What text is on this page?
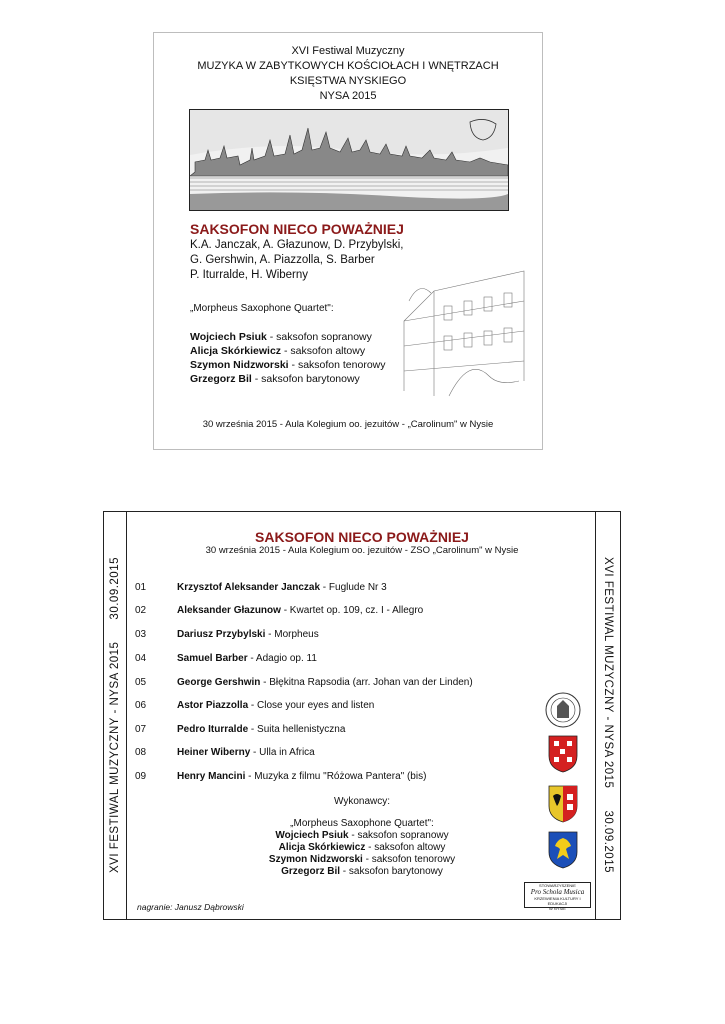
XVI Festiwal Muzyczny
MUZYKA W ZABYTKOWYCH KOŚCIOŁACH I WNĘTRZACH
KSIĘSTWA NYSKIEGO
NYSA 2015
SAKSOFON NIECO POWAŻNIEJ
K.A. Janczak, A. Głazunow, D. Przybylski,
G. Gershwin, A. Piazzolla, S. Barber
P. Iturralde, H. Wiberny
„Morpheus Saxophone Quartet":
Wojciech Psiuk - saksofon sopranowy
Alicja Skórkiewicz - saksofon altowy
Szymon Nidzworski - saksofon tenorowy
Grzegorz Bil - saksofon barytonowy
30 września 2015 - Aula Kolegium oo. jezuitów - „Carolinum" w Nysie
XVI FESTIWAL MUZYCZNY - NYSA 201530.09.2015	XVI FESTIWAL MUZYCZNY - NYSA 201530.09.2015
SAKSOFON NIECO POWAŻNIEJ
30 września 2015 - Aula Kolegium oo. jezuitów - ZSO „Carolinum" w Nysie
01	Krzysztof Aleksander Janczak - Fuglude Nr 3
02	Aleksander Głazunow - Kwartet op. 109, cz. I - Allegro
03	Dariusz Przybylski - Morpheus
04	Samuel Barber - Adagio op. 11
05	George Gershwin - Błękitna Rapsodia (arr. Johan van der Linden)
06	Astor Piazzolla - Close your eyes and listen
07	Pedro Iturralde - Suita hellenistyczna
08	Heiner Wiberny - Ulla in Africa
09	Henry Mancini - Muzyka z filmu "Różowa Pantera" (bis)
Wykonawcy:
„Morpheus Saxophone Quartet":
Wojciech Psiuk - saksofon sopranowy
Alicja Skórkiewicz - saksofon altowy
Szymon Nidzworski - saksofon tenorowy
Grzegorz Bil - saksofon barytonowy
nagranie: Janusz Dąbrowski
STOWARZYSZENIE
Pro Schola Musica
KRZEWIENIA KULTURY I EDUKACJI
W NYSIE
